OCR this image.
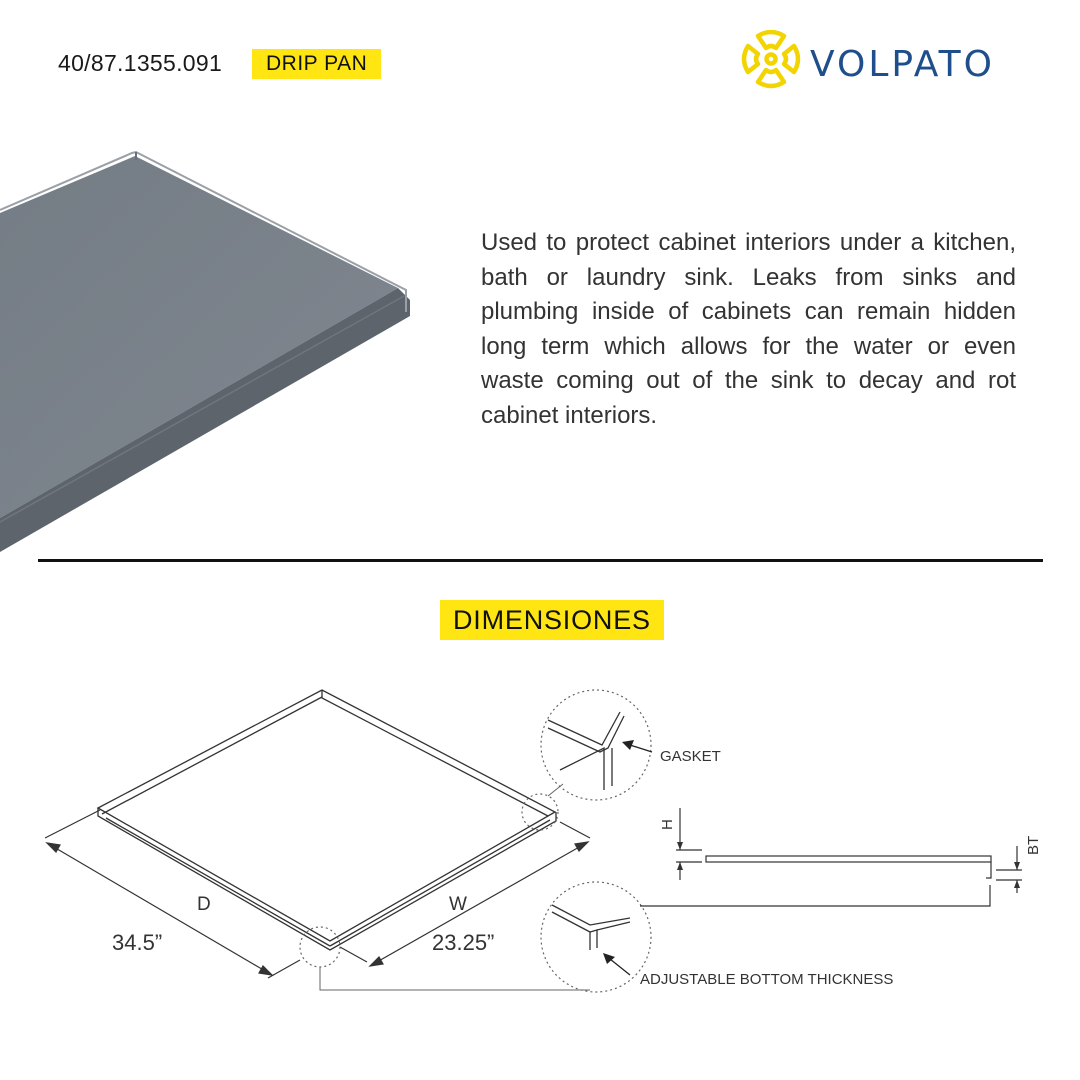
40/87.1355.091	DRIP PAN	VOLPATO

Used to protect cabinet interiors under a kitchen, bath or laundry sink. Leaks from sinks and plumbing inside of cabinets can remain hidden long term which allows for the water or even waste coming out of the sink to decay and rot cabinet interiors.

DIMENSIONES
D
34.5”
W
23.25”
GASKET
ADJUSTABLE BOTTOM THICKNESS
H
BT
